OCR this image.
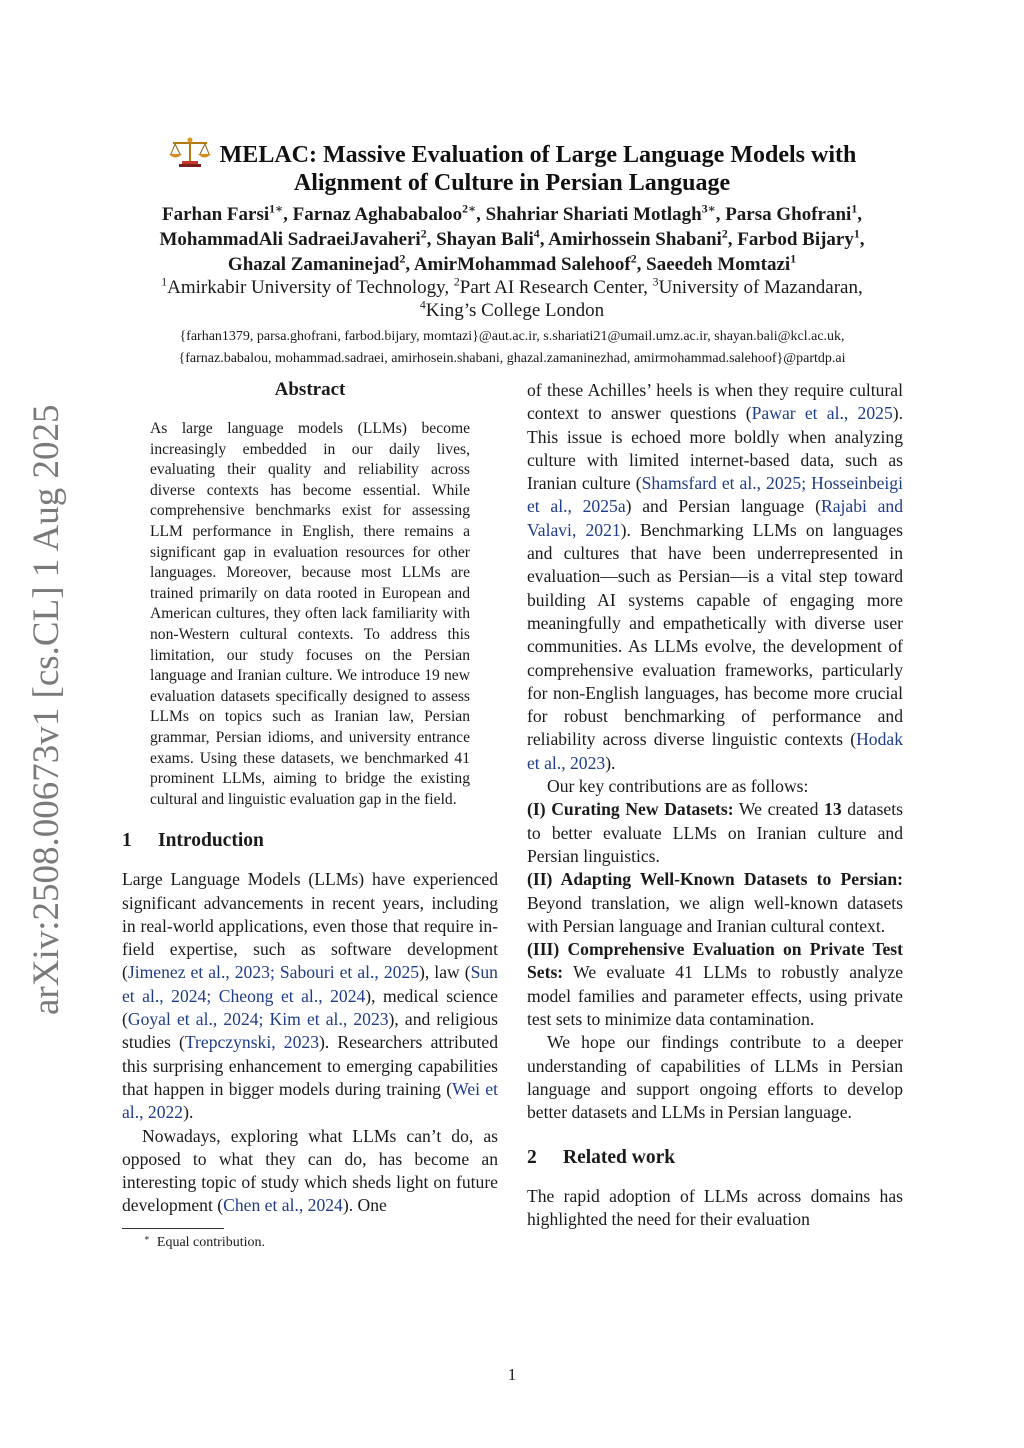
arXiv:2508.00673v1 [cs.CL] 1 Aug 2025
MELAC: Massive Evaluation of Large Language Models with
Alignment of Culture in Persian Language
Farhan Farsi$^{1∗}$, Farnaz Aghababaloo$^{2∗}$, Shahriar Shariati Motlagh$^{3∗}$, Parsa Ghofrani$^1$,
MohammadAli SadraeiJavaheri$^2$, Shayan Bali$^4$, Amirhossein Shabani$^2$, Farbod Bijary$^1$,
Ghazal Zamaninejad$^2$, AmirMohammad Salehoof$^2$, Saeedeh Momtazi$^1$
$^1$Amirkabir University of Technology, $^2$Part AI Research Center, $^3$University of Mazandaran,
$^4$King’s College London
{farhan1379, parsa.ghofrani, farbod.bijary, momtazi}@aut.ac.ir, s.shariati21@umail.umz.ac.ir, shayan.bali@kcl.ac.uk,
{farnaz.babalou, mohammad.sadraei, amirhosein.shabani, ghazal.zamaninezhad, amirmohammad.salehoof}@partdp.ai
Abstract

As large language models (LLMs) become increasingly embedded in our daily lives, evaluating their quality and reliability across diverse contexts has become essential. While comprehensive benchmarks exist for assessing LLM performance in English, there remains a significant gap in evaluation resources for other languages. Moreover, because most LLMs are trained primarily on data rooted in European and American cultures, they often lack familiarity with non-Western cultural contexts. To address this limitation, our study focuses on the Persian language and Iranian culture. We introduce 19 new evaluation datasets specifically designed to assess LLMs on topics such as Iranian law, Persian grammar, Persian idioms, and university entrance exams. Using these datasets, we benchmarked 41 prominent LLMs, aiming to bridge the existing cultural and linguistic evaluation gap in the field.

1 Introduction

Large Language Models (LLMs) have experienced significant advancements in recent years, including in real-world applications, even those that require in-field expertise, such as software development (Jimenez et al., 2023; Sabouri et al., 2025), law (Sun et al., 2024; Cheong et al., 2024), medical science (Goyal et al., 2024; Kim et al., 2023), and religious studies (Trepczynski, 2023). Researchers attributed this surprising enhancement to emerging capabilities that happen in bigger models during training (Wei et al., 2022).

Nowadays, exploring what LLMs can’t do, as opposed to what they can do, has become an interesting topic of study which sheds light on future development (Chen et al., 2024). One

∗ Equal contribution.

of these Achilles’ heels is when they require cultural context to answer questions (Pawar et al., 2025). This issue is echoed more boldly when analyzing culture with limited internet-based data, such as Iranian culture (Shamsfard et al., 2025; Hosseinbeigi et al., 2025a) and Persian language (Rajabi and Valavi, 2021). Benchmarking LLMs on languages and cultures that have been underrepresented in evaluation—such as Persian—is a vital step toward building AI systems capable of engaging more meaningfully and empathetically with diverse user communities. As LLMs evolve, the development of comprehensive evaluation frameworks, particularly for non-English languages, has become more crucial for robust benchmarking of performance and reliability across diverse linguistic contexts (Hodak et al., 2023).

Our key contributions are as follows:

(I) Curating New Datasets: We created 13 datasets to better evaluate LLMs on Iranian culture and Persian linguistics.

(II) Adapting Well-Known Datasets to Persian: Beyond translation, we align well-known datasets with Persian language and Iranian cultural context.

(III) Comprehensive Evaluation on Private Test Sets: We evaluate 41 LLMs to robustly analyze model families and parameter effects, using private test sets to minimize data contamination.

We hope our findings contribute to a deeper understanding of capabilities of LLMs in Persian language and support ongoing efforts to develop better datasets and LLMs in Persian language.

2 Related work

The rapid adoption of LLMs across domains has highlighted the need for their evaluation

1
